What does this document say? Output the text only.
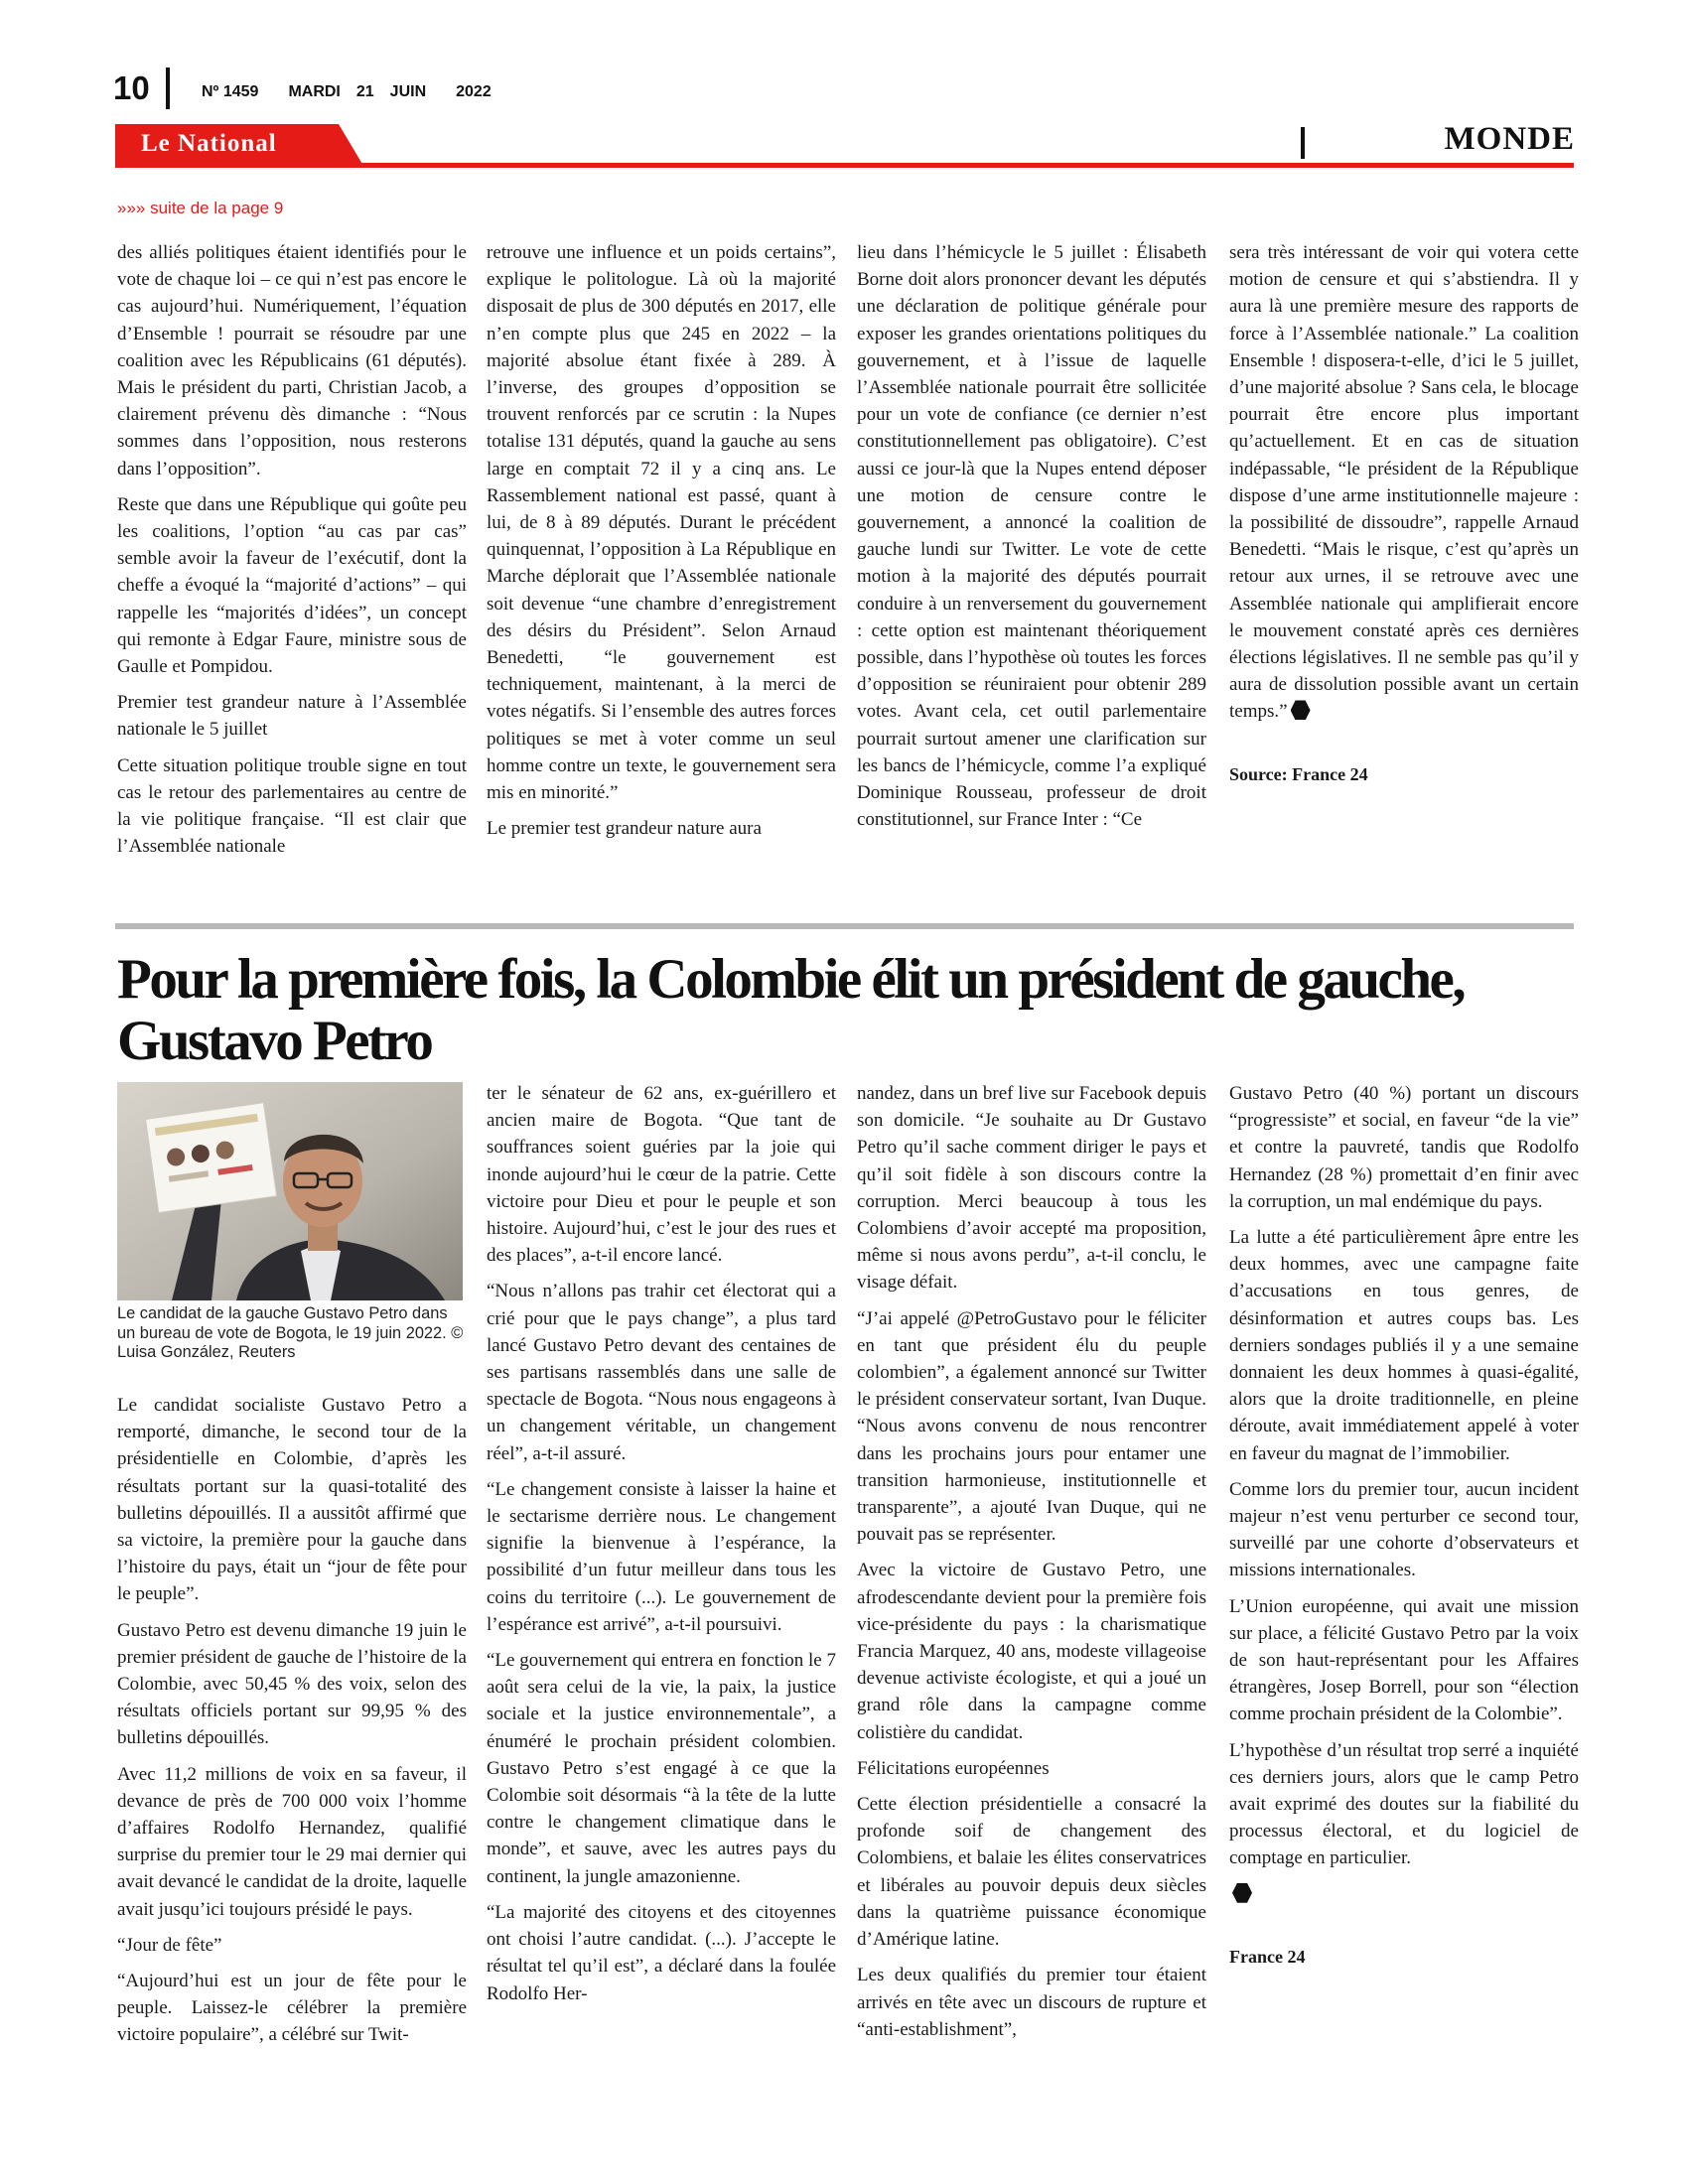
10	Nº 1459 MARDI 21 JUIN 2022
Le National	MONDE
»»» suite de la page 9

des alliés politiques étaient identifiés pour le vote de chaque loi – ce qui n’est pas encore le cas aujourd’hui. Numériquement, l’équation d’Ensemble ! pourrait se résoudre par une coalition avec les Républicains (61 députés). Mais le président du parti, Christian Jacob, a clairement prévenu dès dimanche : “Nous sommes dans l’opposition, nous resterons dans l’opposition”.

Reste que dans une République qui goûte peu les coalitions, l’option “au cas par cas” semble avoir la faveur de l’exécutif, dont la cheffe a évoqué la “majorité d’actions” – qui rappelle les “majorités d’idées”, un concept qui remonte à Edgar Faure, ministre sous de Gaulle et Pompidou.

Premier test grandeur nature à l’Assemblée nationale le 5 juillet

Cette situation politique trouble signe en tout cas le retour des parlementaires au centre de la vie politique française. “Il est clair que l’Assemblée nationale

retrouve une influence et un poids certains”, explique le politologue. Là où la majorité disposait de plus de 300 députés en 2017, elle n’en compte plus que 245 en 2022 – la majorité absolue étant fixée à 289. À l’inverse, des groupes d’opposition se trouvent renforcés par ce scrutin : la Nupes totalise 131 députés, quand la gauche au sens large en comptait 72 il y a cinq ans. Le Rassemblement national est passé, quant à lui, de 8 à 89 députés. Durant le précédent quinquennat, l’opposition à La République en Marche déplorait que l’Assemblée nationale soit devenue “une chambre d’enregistrement des désirs du Président”. Selon Arnaud Benedetti, “le gouvernement est techniquement, maintenant, à la merci de votes négatifs. Si l’ensemble des autres forces politiques se met à voter comme un seul homme contre un texte, le gouvernement sera mis en minorité.”

Le premier test grandeur nature aura

lieu dans l’hémicycle le 5 juillet : Élisabeth Borne doit alors prononcer devant les députés une déclaration de politique générale pour exposer les grandes orientations politiques du gouvernement, et à l’issue de laquelle l’Assemblée nationale pourrait être sollicitée pour un vote de confiance (ce dernier n’est constitutionnellement pas obligatoire). C’est aussi ce jour-là que la Nupes entend déposer une motion de censure contre le gouvernement, a annoncé la coalition de gauche lundi sur Twitter. Le vote de cette motion à la majorité des députés pourrait conduire à un renversement du gouvernement : cette option est maintenant théoriquement possible, dans l’hypothèse où toutes les forces d’opposition se réuniraient pour obtenir 289 votes. Avant cela, cet outil parlementaire pourrait surtout amener une clarification sur les bancs de l’hémicycle, comme l’a expliqué Dominique Rousseau, professeur de droit constitutionnel, sur France Inter : “Ce

sera très intéressant de voir qui votera cette motion de censure et qui s’abstiendra. Il y aura là une première mesure des rapports de force à l’Assemblée nationale.” La coalition Ensemble ! disposera-t-elle, d’ici le 5 juillet, d’une majorité absolue ? Sans cela, le blocage pourrait être encore plus important qu’actuellement. Et en cas de situation indépassable, “le président de la République dispose d’une arme institutionnelle majeure : la possibilité de dissoudre”, rappelle Arnaud Benedetti. “Mais le risque, c’est qu’après un retour aux urnes, il se retrouve avec une Assemblée nationale qui amplifierait encore le mouvement constaté après ces dernières élections législatives. Il ne semble pas qu’il y aura de dissolution possible avant un certain temps.”

Source: France 24
Pour la première fois, la Colombie élit un président de gauche, Gustavo Petro
Le candidat de la gauche Gustavo Petro dans un bureau de vote de Bogota, le 19 juin 2022. © Luisa González, Reuters

Le candidat socialiste Gustavo Petro a remporté, dimanche, le second tour de la présidentielle en Colombie, d’après les résultats portant sur la quasi-totalité des bulletins dépouillés. Il a aussitôt affirmé que sa victoire, la première pour la gauche dans l’histoire du pays, était un “jour de fête pour le peuple”.

Gustavo Petro est devenu dimanche 19 juin le premier président de gauche de l’histoire de la Colombie, avec 50,45 % des voix, selon des résultats officiels portant sur 99,95 % des bulletins dépouillés.

Avec 11,2 millions de voix en sa faveur, il devance de près de 700 000 voix l’homme d’affaires Rodolfo Hernandez, qualifié surprise du premier tour le 29 mai dernier qui avait devancé le candidat de la droite, laquelle avait jusqu’ici toujours présidé le pays.

“Jour de fête”

“Aujourd’hui est un jour de fête pour le peuple. Laissez-le célébrer la première victoire populaire”, a célébré sur Twit-

ter le sénateur de 62 ans, ex-guérillero et ancien maire de Bogota. “Que tant de souffrances soient guéries par la joie qui inonde aujourd’hui le cœur de la patrie. Cette victoire pour Dieu et pour le peuple et son histoire. Aujourd’hui, c’est le jour des rues et des places”, a-t-il encore lancé.

“Nous n’allons pas trahir cet électorat qui a crié pour que le pays change”, a plus tard lancé Gustavo Petro devant des centaines de ses partisans rassemblés dans une salle de spectacle de Bogota. “Nous nous engageons à un changement véritable, un changement réel”, a-t-il assuré.

“Le changement consiste à laisser la haine et le sectarisme derrière nous. Le changement signifie la bienvenue à l’espérance, la possibilité d’un futur meilleur dans tous les coins du territoire (...). Le gouvernement de l’espérance est arrivé”, a-t-il poursuivi.

“Le gouvernement qui entrera en fonction le 7 août sera celui de la vie, la paix, la justice sociale et la justice environnementale”, a énuméré le prochain président colombien. Gustavo Petro s’est engagé à ce que la Colombie soit désormais “à la tête de la lutte contre le changement climatique dans le monde”, et sauve, avec les autres pays du continent, la jungle amazonienne.

“La majorité des citoyens et des citoyennes ont choisi l’autre candidat. (...). J’accepte le résultat tel qu’il est”, a déclaré dans la foulée Rodolfo Her-

nandez, dans un bref live sur Facebook depuis son domicile. “Je souhaite au Dr Gustavo Petro qu’il sache comment diriger le pays et qu’il soit fidèle à son discours contre la corruption. Merci beaucoup à tous les Colombiens d’avoir accepté ma proposition, même si nous avons perdu”, a-t-il conclu, le visage défait.

“J’ai appelé @PetroGustavo pour le féliciter en tant que président élu du peuple colombien”, a également annoncé sur Twitter le président conservateur sortant, Ivan Duque. “Nous avons convenu de nous rencontrer dans les prochains jours pour entamer une transition harmonieuse, institutionnelle et transparente”, a ajouté Ivan Duque, qui ne pouvait pas se représenter.

Avec la victoire de Gustavo Petro, une afrodescendante devient pour la première fois vice-présidente du pays : la charismatique Francia Marquez, 40 ans, modeste villageoise devenue activiste écologiste, et qui a joué un grand rôle dans la campagne comme colistière du candidat.

Félicitations européennes

Cette élection présidentielle a consacré la profonde soif de changement des Colombiens, et balaie les élites conservatrices et libérales au pouvoir depuis deux siècles dans la quatrième puissance économique d’Amérique latine.

Les deux qualifiés du premier tour étaient arrivés en tête avec un discours de rupture et “anti-establishment”,

Gustavo Petro (40 %) portant un discours “progressiste” et social, en faveur “de la vie” et contre la pauvreté, tandis que Rodolfo Hernandez (28 %) promettait d’en finir avec la corruption, un mal endémique du pays.

La lutte a été particulièrement âpre entre les deux hommes, avec une campagne faite d’accusations en tous genres, de désinformation et autres coups bas. Les derniers sondages publiés il y a une semaine donnaient les deux hommes à quasi-égalité, alors que la droite traditionnelle, en pleine déroute, avait immédiatement appelé à voter en faveur du magnat de l’immobilier.

Comme lors du premier tour, aucun incident majeur n’est venu perturber ce second tour, surveillé par une cohorte d’observateurs et missions internationales.

L’Union européenne, qui avait une mission sur place, a félicité Gustavo Petro par la voix de son haut-représentant pour les Affaires étrangères, Josep Borrell, pour son “élection comme prochain président de la Colombie”.

L’hypothèse d’un résultat trop serré a inquiété ces derniers jours, alors que le camp Petro avait exprimé des doutes sur la fiabilité du processus électoral, et du logiciel de comptage en particulier.

France 24
